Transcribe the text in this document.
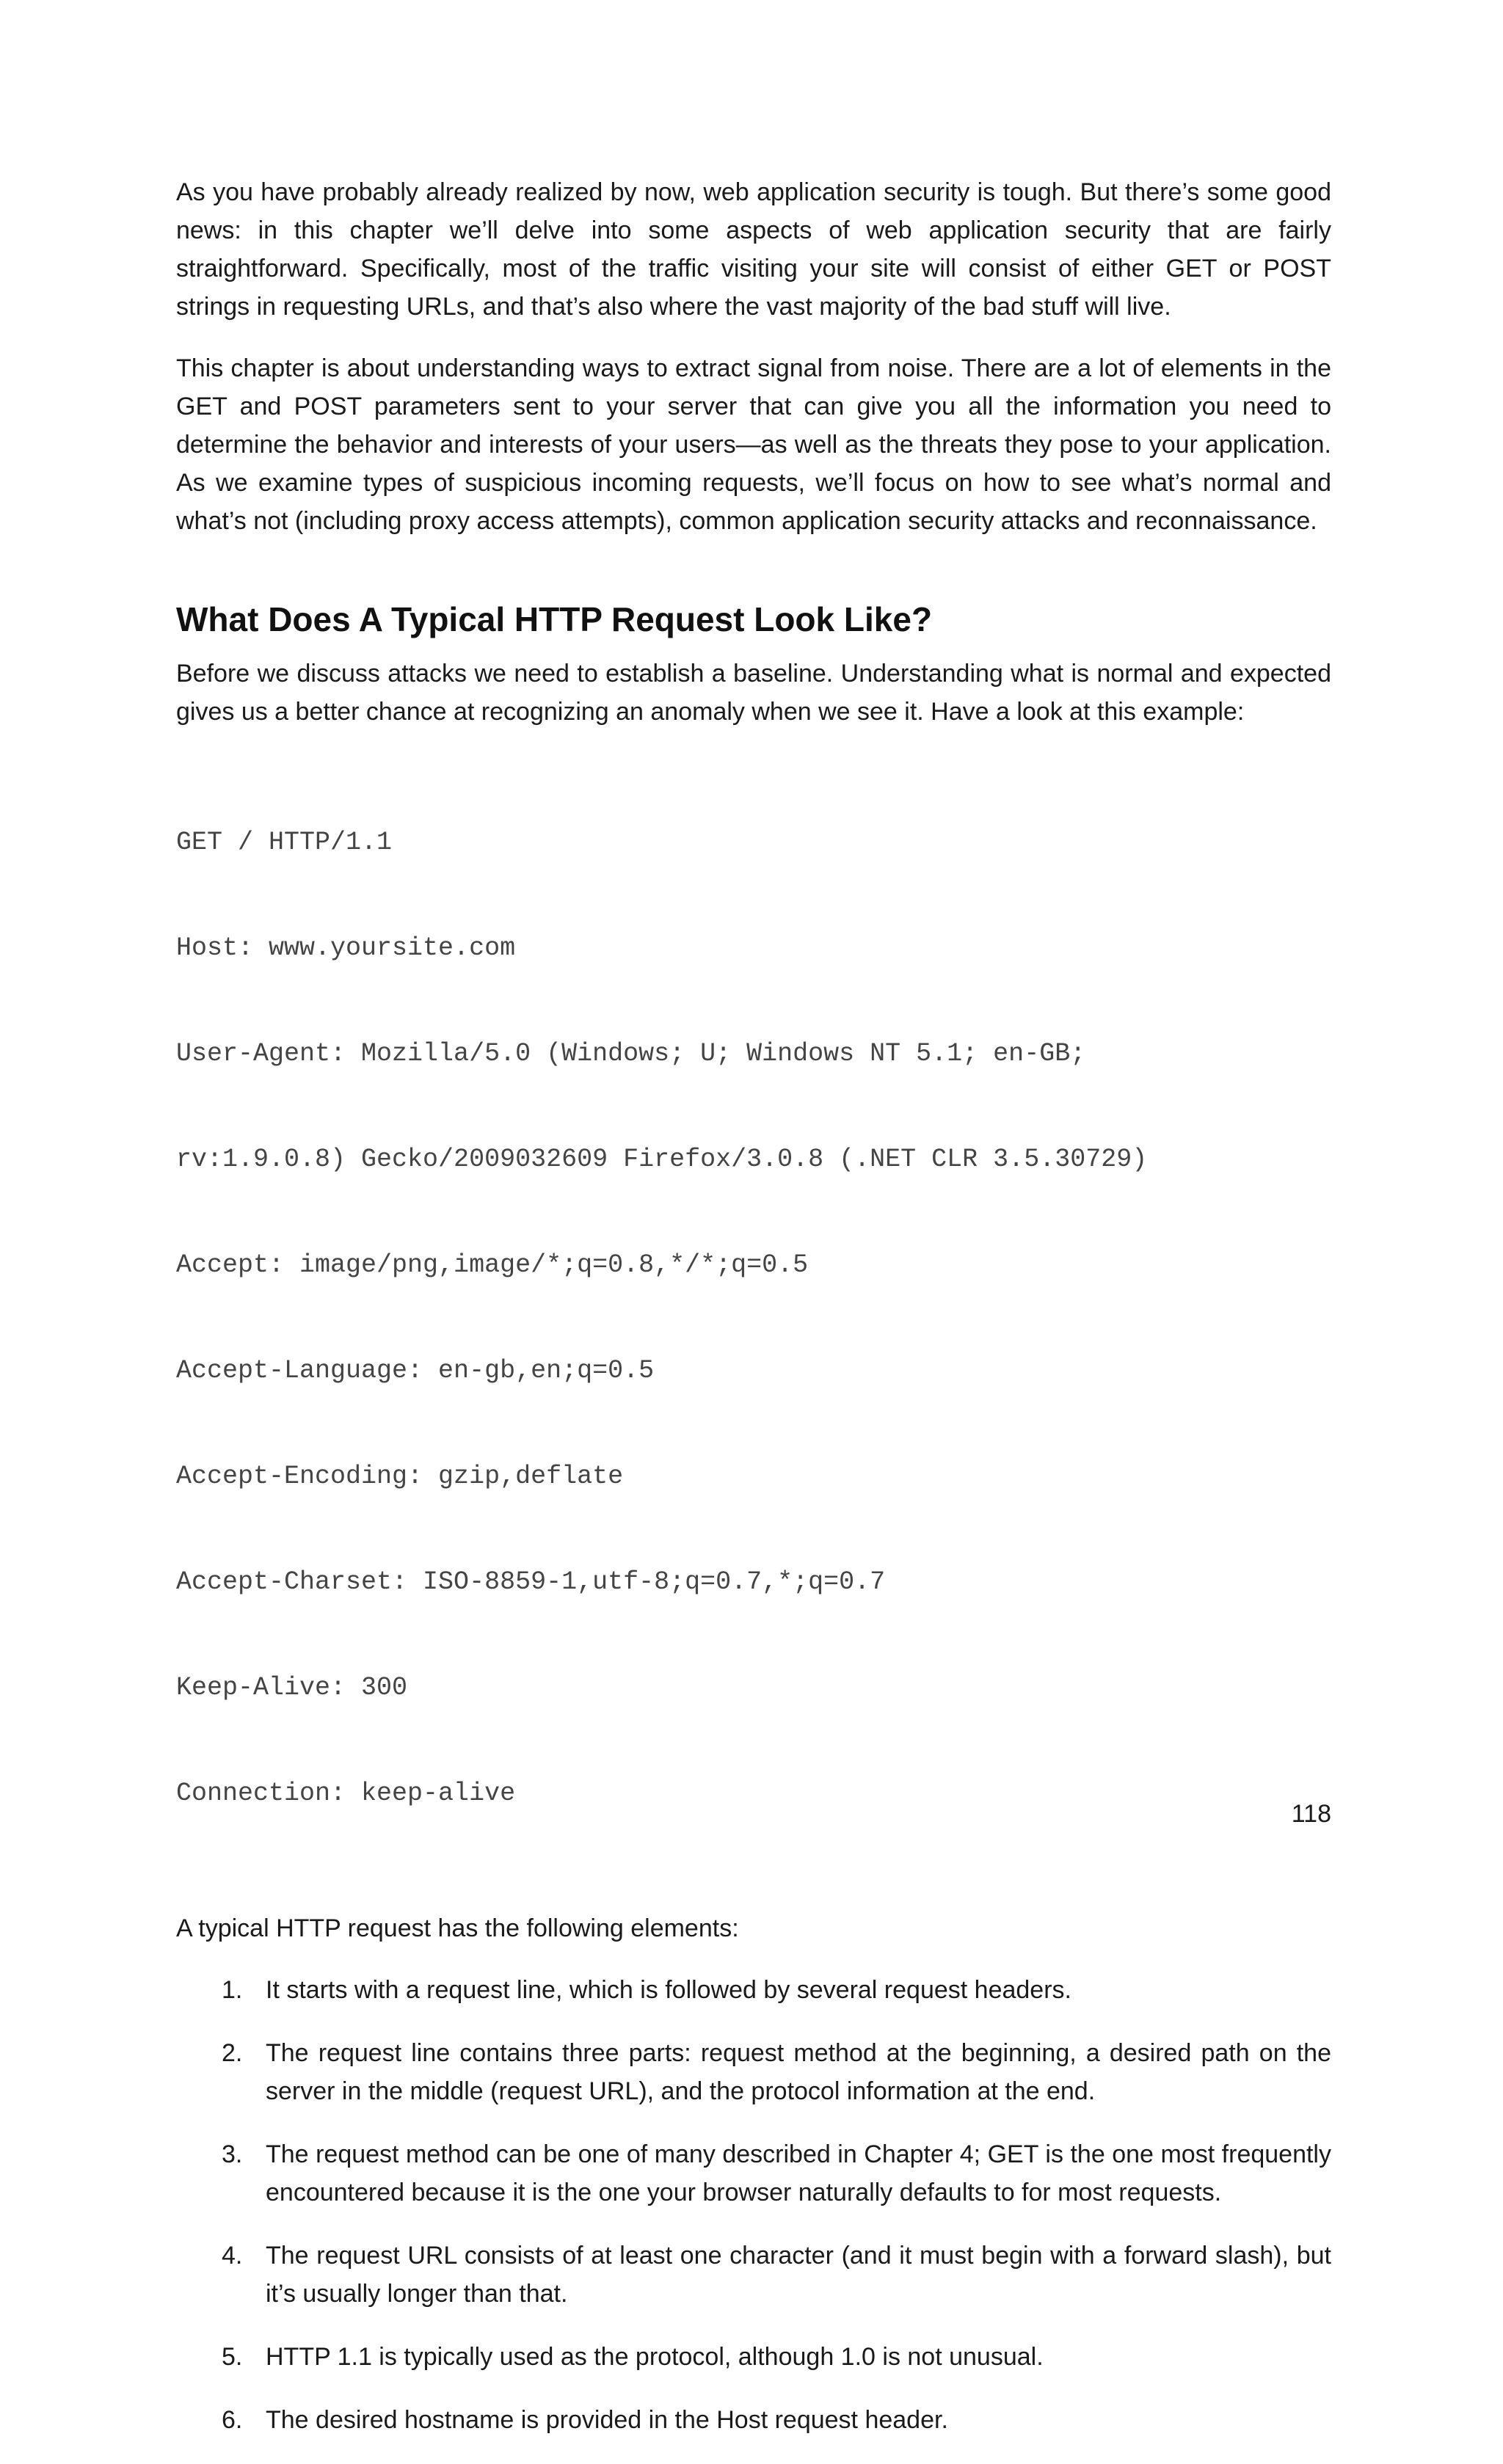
As you have probably already realized by now, web application security is tough. But there’s some good news: in this chapter we’ll delve into some aspects of web application security that are fairly straightforward. Specifically, most of the traffic visiting your site will consist of either GET or POST strings in requesting URLs, and that’s also where the vast majority of the bad stuff will live.

This chapter is about understanding ways to extract signal from noise. There are a lot of elements in the GET and POST parameters sent to your server that can give you all the information you need to determine the behavior and interests of your users—as well as the threats they pose to your application. As we examine types of suspicious incoming requests, we’ll focus on how to see what’s normal and what’s not (including proxy access attempts), common application security attacks and reconnaissance.

What Does A Typical HTTP Request Look Like?

Before we discuss attacks we need to establish a baseline. Understanding what is normal and expected gives us a better chance at recognizing an anomaly when we see it. Have a look at this example:

GET / HTTP/1.1

Host: www.yoursite.com

User-Agent: Mozilla/5.0 (Windows; U; Windows NT 5.1; en-GB;

rv:1.9.0.8) Gecko/2009032609 Firefox/3.0.8 (.NET CLR 3.5.30729)

Accept: image/png,image/*;q=0.8,*/*;q=0.5

Accept-Language: en-gb,en;q=0.5

Accept-Encoding: gzip,deflate

Accept-Charset: ISO-8859-1,utf-8;q=0.7,*;q=0.7

Keep-Alive: 300

Connection: keep-alive

A typical HTTP request has the following elements:

1. It starts with a request line, which is followed by several request headers.
2. The request line contains three parts: request method at the beginning, a desired path on the server in the middle (request URL), and the protocol information at the end.
3. The request method can be one of many described in Chapter 4; GET is the one most frequently encountered because it is the one your browser naturally defaults to for most requests.
4. The request URL consists of at least one character (and it must begin with a forward slash), but it’s usually longer than that.
5. HTTP 1.1 is typically used as the protocol, although 1.0 is not unusual.
6. The desired hostname is provided in the Host request header.
118
